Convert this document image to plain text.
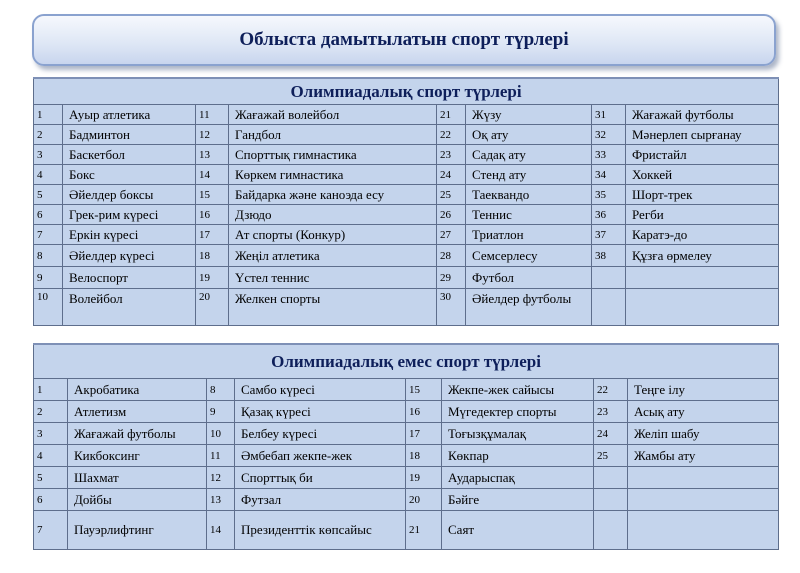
Облыста дамытылатын спорт түрлері
Олимпиадалық спорт түрлері							
1	Ауыр атлетика	11	Жағажай волейбол	21	Жүзу	31	Жағажай футболы
2	Бадминтон	12	Гандбол	22	Оқ ату	32	Мәнерлеп сырғанау
3	Баскетбол	13	Спорттық гимнастика	23	Садақ ату	33	Фристайл
4	Бокс	14	Көркем гимнастика	24	Стенд ату	34	Хоккей
5	Әйелдер боксы	15	Байдарка және каноэда есу	25	Таеквандо	35	Шорт-трек
6	Грек-рим күресі	16	Дзюдо	26	Теннис	36	Регби
7	Еркін күресі	17	Ат спорты (Конкур)	27	Триатлон	37	Каратэ-до
8	Әйелдер күресі	18	Жеңіл атлетика	28	Семсерлесу	38	Құзға өрмелеу
9	Велоспорт	19	Үстел теннис	29	Футбол		
10	Волейбол	20	Желкен спорты	30	Әйелдер футболы		
Олимпиадалық емес спорт түрлері							
1	Акробатика	8	Самбо күресі	15	Жекпе-жек сайысы	22	Теңге ілу
2	Атлетизм	9	Қазақ күресі	16	Мүгедектер спорты	23	Асық ату
3	Жағажай футболы	10	Белбеу күресі	17	Тоғызқұмалақ	24	Желіп шабу
4	Кикбоксинг	11	Әмбебап жекпе-жек	18	Көкпар	25	Жамбы ату
5	Шахмат	12	Спорттық би	19	Аударыспақ		
6	Дойбы	13	Футзал	20	Бәйге		
7	Пауэрлифтинг	14	Президенттік көпсайыс	21	Саят		
